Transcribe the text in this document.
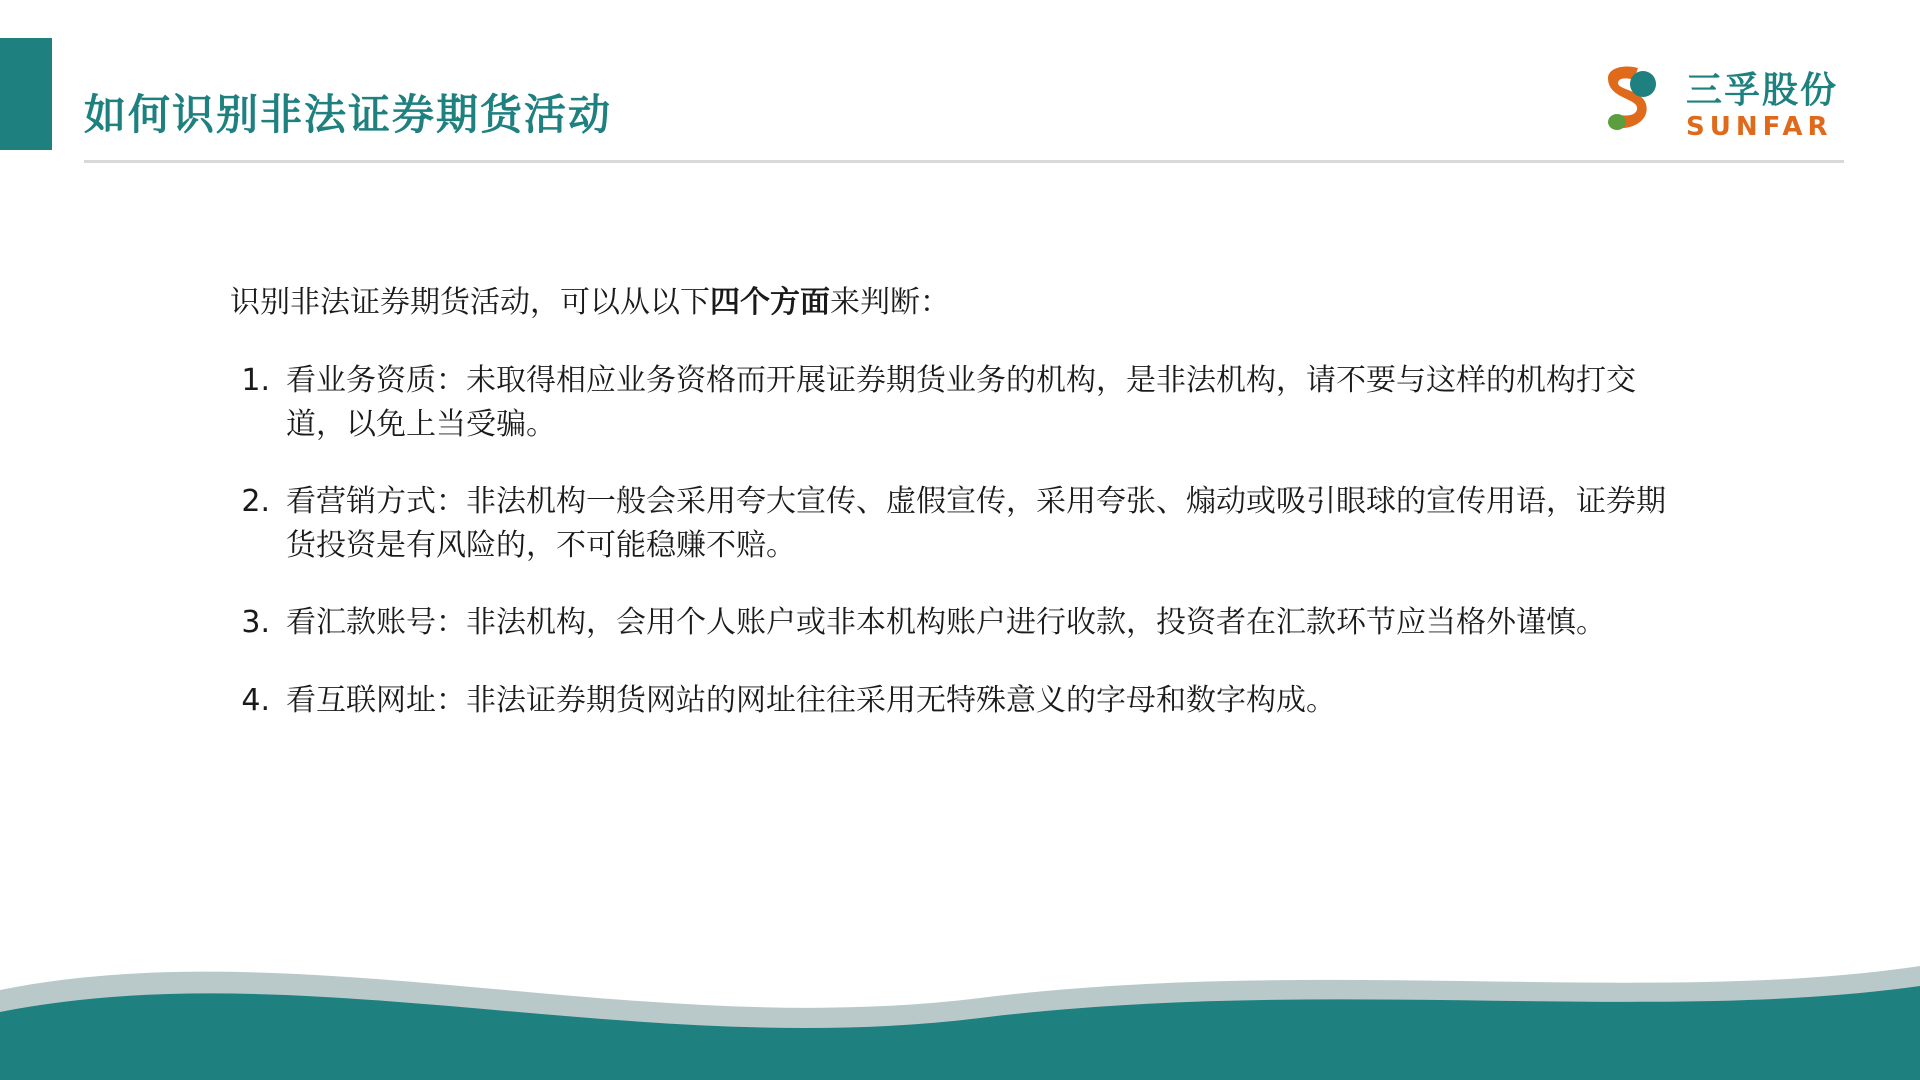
如何识别非法证券期货活动	三孚股份
SUNFAR
识别非法证券期货活动，可以从以下四个方面来判断：
1. 看业务资质：未取得相应业务资格而开展证券期货业务的机构，是非法机构，请不要与这样的机构打交道，以免上当受骗。
2. 看营销方式：非法机构一般会采用夸大宣传、虚假宣传，采用夸张、煽动或吸引眼球的宣传用语，证券期货投资是有风险的，不可能稳赚不赔。
3. 看汇款账号：非法机构，会用个人账户或非本机构账户进行收款，投资者在汇款环节应当格外谨慎。
4. 看互联网址：非法证券期货网站的网址往往采用无特殊意义的字母和数字构成。
